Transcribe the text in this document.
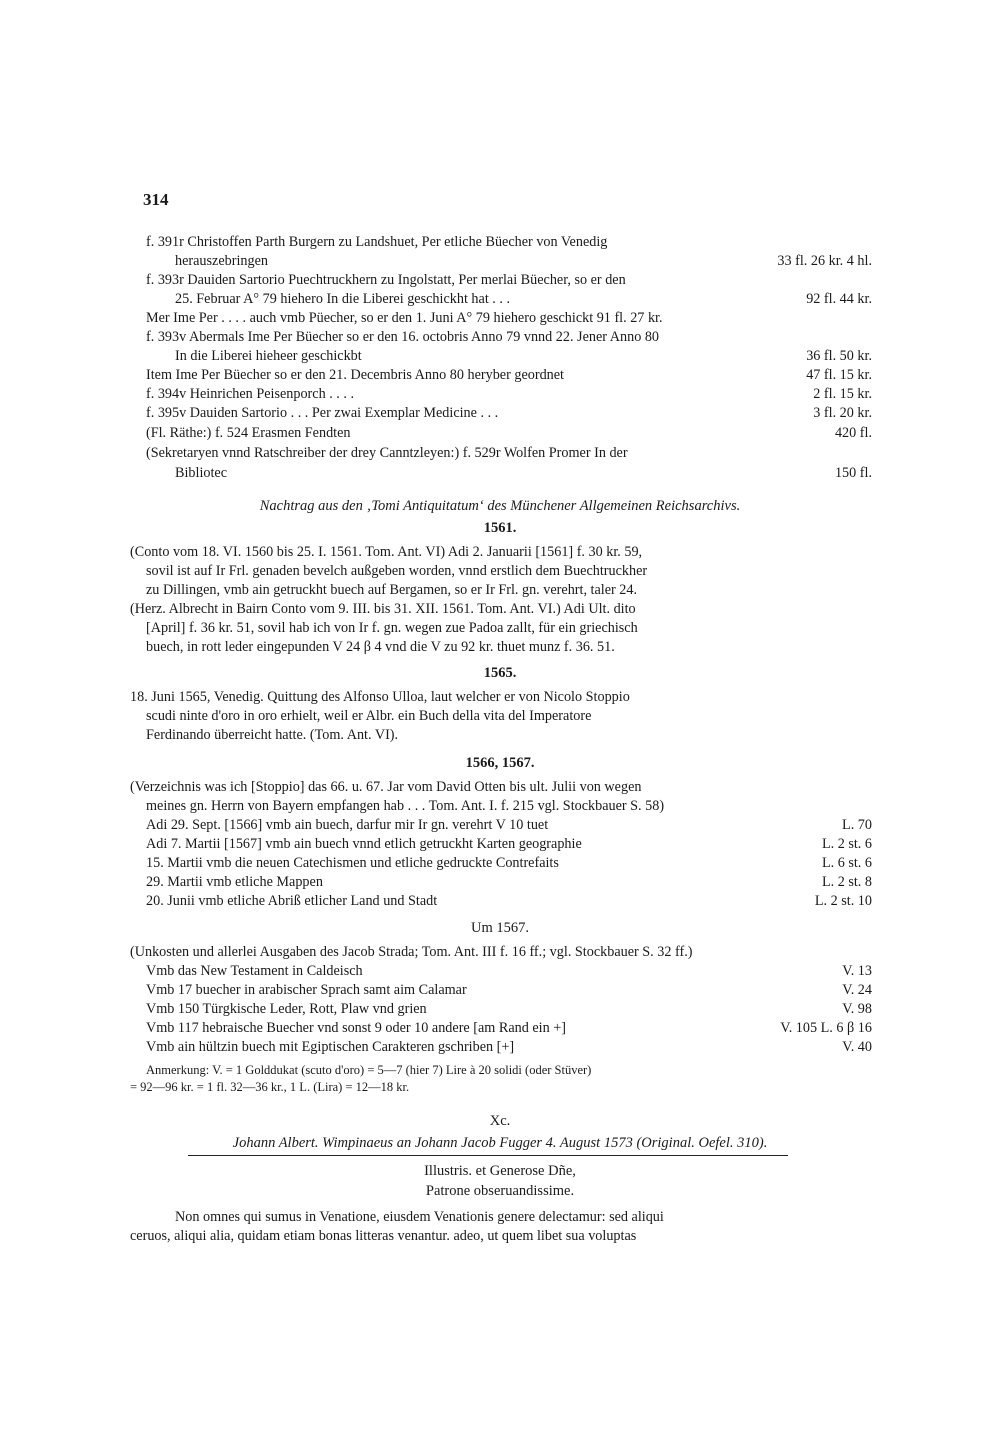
314
f. 391r Christoffen Parth Burgern zu Landshuet, Per etliche Büecher von Venedig
herauszebringen	33 fl. 26 kr. 4 hl.
f. 393r Dauiden Sartorio Puechtruckhern zu Ingolstatt, Per merlai Büecher, so er den
25. Februar A° 79 hiehero In die Liberei geschickht hat . . .	92 fl. 44 kr.
Mer Ime Per . . . . auch vmb Püecher, so er den 1. Juni A° 79 hiehero geschickt 91 fl. 27 kr.
f. 393v Abermals Ime Per Büecher so er den 16. octobris Anno 79 vnnd 22. Jener Anno 80
In die Liberei hieheer geschickbt	36 fl. 50 kr.
Item Ime Per Büecher so er den 21. Decembris Anno 80 heryber geordnet	47 fl. 15 kr.
f. 394v Heinrichen Peisenporch . . . .	2 fl. 15 kr.
f. 395v Dauiden Sartorio . . . Per zwai Exemplar Medicine . . .	3 fl. 20 kr.
(Fl. Räthe:) f. 524 Erasmen Fendten	420 fl.
(Sekretaryen vnnd Ratschreiber der drey Canntzleyen:) f. 529r Wolfen Promer In der
Bibliotec	150 fl.
Nachtrag aus den ‚Tomi Antiquitatum‘ des Münchener Allgemeinen Reichsarchivs.
1561.
(Conto vom 18. VI. 1560 bis 25. I. 1561. Tom. Ant. VI) Adi 2. Januarii [1561] f. 30 kr. 59,
sovil ist auf Ir Frl. genaden bevelch außgeben worden, vnnd erstlich dem Buechtruckher
zu Dillingen, vmb ain getruckht buech auf Bergamen, so er Ir Frl. gn. verehrt, taler 24.
(Herz. Albrecht in Bairn Conto vom 9. III. bis 31. XII. 1561. Tom. Ant. VI.) Adi Ult. dito
[April] f. 36 kr. 51, sovil hab ich von Ir f. gn. wegen zue Padoa zallt, für ein griechisch
buech, in rott leder eingepunden V 24 β 4 vnd die V zu 92 kr. thuet munz f. 36. 51.
1565.
18. Juni 1565, Venedig. Quittung des Alfonso Ulloa, laut welcher er von Nicolo Stoppio
scudi ninte d'oro in oro erhielt, weil er Albr. ein Buch della vita del Imperatore
Ferdinando überreicht hatte. (Tom. Ant. VI).
1566, 1567.
(Verzeichnis was ich [Stoppio] das 66. u. 67. Jar vom David Otten bis ult. Julii von wegen
meines gn. Herrn von Bayern empfangen hab . . . Tom. Ant. I. f. 215 vgl. Stockbauer S. 58)
Adi 29. Sept. [1566] vmb ain buech, darfur mir Ir gn. verehrt V 10 tuet	L. 70
Adi 7. Martii [1567] vmb ain buech vnnd etlich getruckht Karten geographie	L. 2 st. 6
15. Martii vmb die neuen Catechismen und etliche gedruckte Contrefaits	L. 6 st. 6
29. Martii vmb etliche Mappen	L. 2 st. 8
20. Junii vmb etliche Abriß etlicher Land und Stadt	L. 2 st. 10
Um 1567.
(Unkosten und allerlei Ausgaben des Jacob Strada; Tom. Ant. III f. 16 ff.; vgl. Stockbauer S. 32 ff.)
Vmb das New Testament in Caldeisch	V. 13
Vmb 17 buecher in arabischer Sprach samt aim Calamar	V. 24
Vmb 150 Türgkische Leder, Rott, Plaw vnd grien	V. 98
Vmb 117 hebraische Buecher vnd sonst 9 oder 10 andere [am Rand ein +]	V. 105 L. 6 β 16
Vmb ain hültzin buech mit Egiptischen Carakteren gschriben [+]	V. 40
Anmerkung: V. = 1 Golddukat (scuto d'oro) = 5—7 (hier 7) Lire à 20 solidi (oder Stüver)
= 92—96 kr. = 1 fl. 32—36 kr., 1 L. (Lira) = 12—18 kr.
Xc.
Johann Albert. Wimpinaeus an Johann Jacob Fugger 4. August 1573 (Original. Oefel. 310).
Illustris. et Generose Dñe,
Patrone obseruandissime.
Non omnes qui sumus in Venatione, eiusdem Venationis genere delectamur: sed aliqui
ceruos, aliqui alia, quidam etiam bonas litteras venantur. adeo, ut quem libet sua voluptas
